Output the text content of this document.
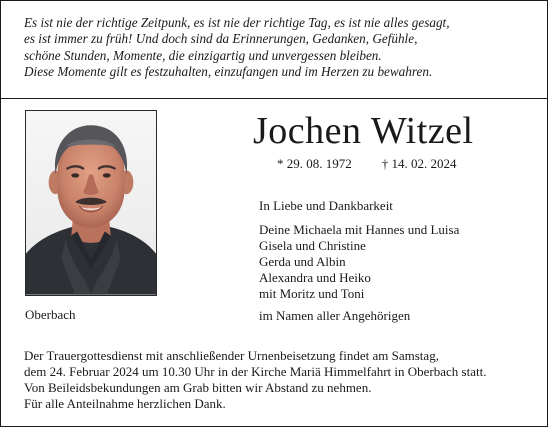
Es ist nie der richtige Zeitpunk, es ist nie der richtige Tag, es ist nie alles gesagt,
es ist immer zu früh! Und doch sind da Erinnerungen, Gedanken, Gefühle,
schöne Stunden, Momente, die einzigartig und unvergessen bleiben.
Diese Momente gilt es festzuhalten, einzufangen und im Herzen zu bewahren.
Oberbach
Jochen Witzel
* 29. 08. 1972 † 14. 02. 2024
In Liebe und Dankbarkeit
Deine Michaela mit Hannes und Luisa
Gisela und Christine
Gerda und Albin
Alexandra und Heiko
mit Moritz und Toni
im Namen aller Angehörigen
Der Trauergottesdienst mit anschließender Urnenbeisetzung findet am Samstag,
dem 24. Februar 2024 um 10.30 Uhr in der Kirche Mariä Himmelfahrt in Oberbach statt.
Von Beileidsbekundungen am Grab bitten wir Abstand zu nehmen.
Für alle Anteilnahme herzlichen Dank.
